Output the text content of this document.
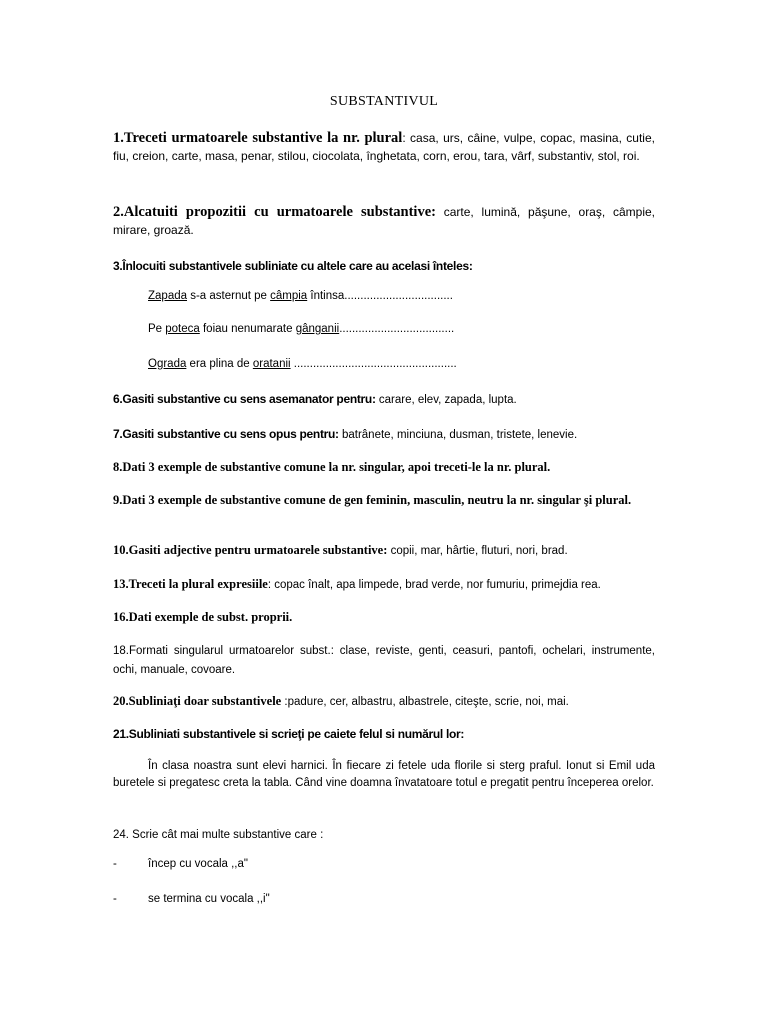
SUBSTANTIVUL
1.Treceti urmatoarele substantive la nr. plural: casa, urs, câine, vulpe, copac, masina, cutie, fiu, creion, carte, masa, penar, stilou, ciocolata, înghetata, corn, erou, tara, vârf, substantiv, stol, roi.
2.Alcatuiti propozitii cu urmatoarele substantive: carte, lumină, păşune, oraş, câmpie, mirare, groază.
3.Înlocuiti substantivele subliniate cu altele care au acelasi înteles:
Zapada s-a asternut pe câmpia întinsa..................................
Pe poteca foiau nenumarate gânganii....................................
Ograda era plina de oratanii ...................................................
6.Gasiti substantive cu sens asemanator pentru: carare, elev, zapada, lupta.
7.Gasiti substantive cu sens opus pentru: batrânete, minciuna, dusman, tristete, lenevie.
8.Dati 3 exemple de substantive comune la nr. singular, apoi treceti-le la nr. plural.
9.Dati 3 exemple de substantive comune de gen feminin, masculin, neutru la nr. singular şi plural.
10.Gasiti adjective pentru urmatoarele substantive: copii, mar, hârtie, fluturi, nori, brad.
13.Treceti la plural expresiile: copac înalt, apa limpede, brad verde, nor fumuriu, primejdia rea.
16.Dati exemple de subst. proprii.
18.Formati singularul urmatoarelor subst.: clase, reviste, genti, ceasuri, pantofi, ochelari, instrumente, ochi, manuale, covoare.
20.Subliniaţi doar substantivele :padure, cer, albastru, albastrele, citeşte, scrie, noi, mai.
21.Subliniati substantivele si scrieţi pe caiete felul si numărul lor:
În clasa noastra sunt elevi harnici. În fiecare zi fetele uda florile si sterg praful. Ionut si Emil uda buretele si pregatesc creta la tabla. Când vine doamna învatatoare totul e pregatit pentru începerea orelor.
24. Scrie cât mai multe substantive care :
-	încep cu vocala ,,a"
-	se termina cu vocala ,,i"
